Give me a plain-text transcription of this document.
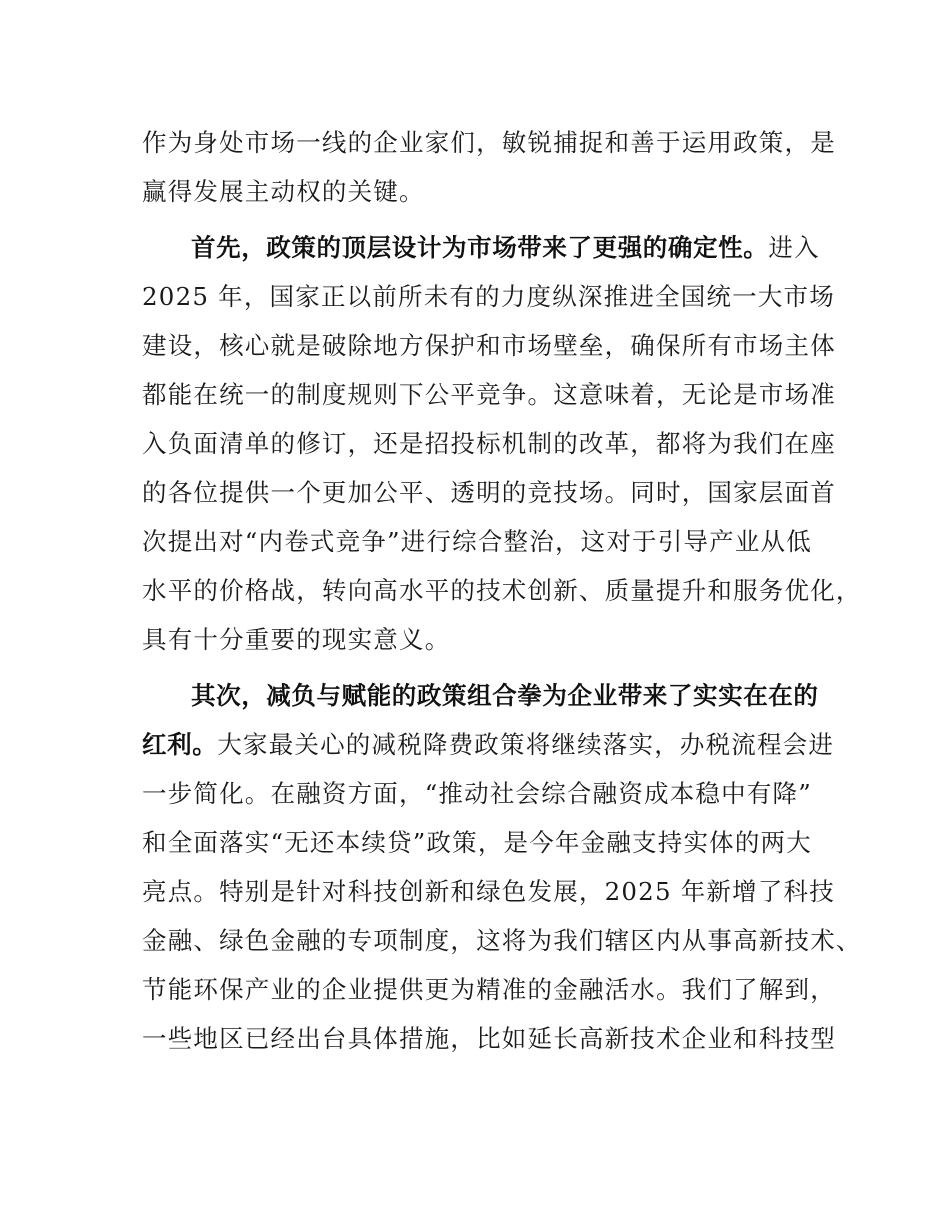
作为身处市场一线的企业家们，敏锐捕捉和善于运用政策，是
赢得发展主动权的关键。
首先，政策的顶层设计为市场带来了更强的确定性。进入
2025 年，国家正以前所未有的力度纵深推进全国统一大市场
建设，核心就是破除地方保护和市场壁垒，确保所有市场主体
都能在统一的制度规则下公平竞争。这意味着，无论是市场准
入负面清单的修订，还是招投标机制的改革，都将为我们在座
的各位提供一个更加公平、透明的竞技场。同时，国家层面首
次提出对“内卷式竞争”进行综合整治，这对于引导产业从低
水平的价格战，转向高水平的技术创新、质量提升和服务优化，
具有十分重要的现实意义。
其次，减负与赋能的政策组合拳为企业带来了实实在在的
红利。大家最关心的减税降费政策将继续落实，办税流程会进
一步简化。在融资方面，“推动社会综合融资成本稳中有降”
和全面落实“无还本续贷”政策，是今年金融支持实体的两大
亮点。特别是针对科技创新和绿色发展，2025 年新增了科技
金融、绿色金融的专项制度，这将为我们辖区内从事高新技术、
节能环保产业的企业提供更为精准的金融活水。我们了解到，
一些地区已经出台具体措施，比如延长高新技术企业和科技型
